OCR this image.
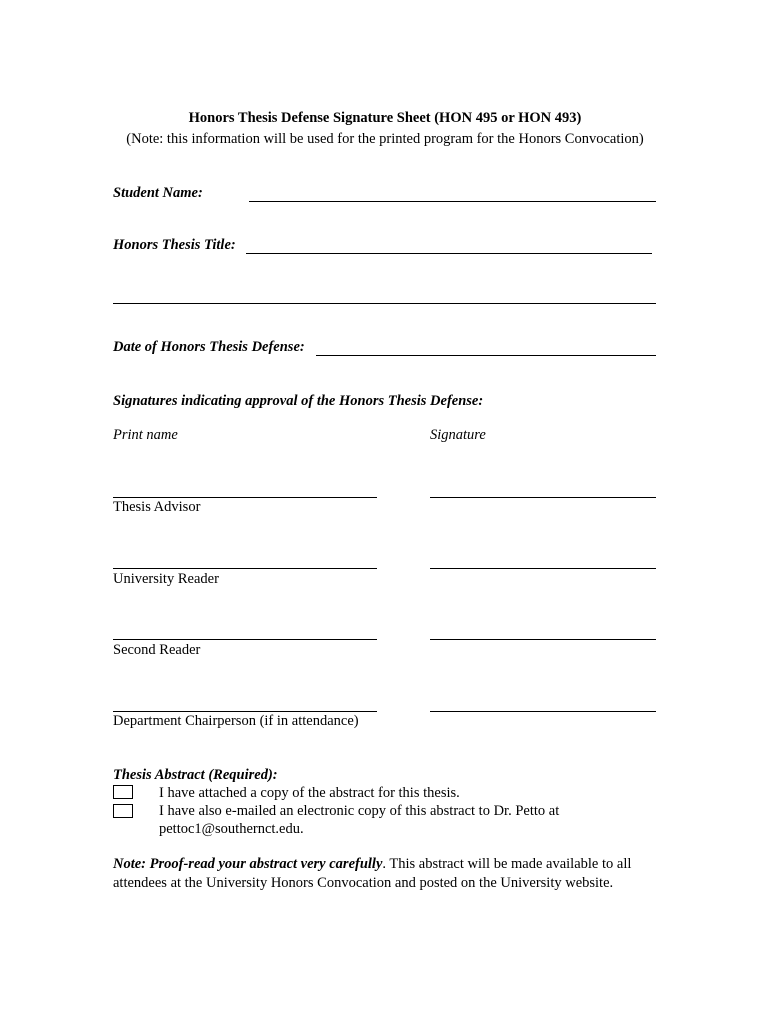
Honors Thesis Defense Signature Sheet (HON 495 or HON 493)
(Note: this information will be used for the printed program for the Honors Convocation)
Student Name:
Honors Thesis Title:
Date of Honors Thesis Defense:
Signatures indicating approval of the Honors Thesis Defense:
Print name	Signature
Thesis Advisor
University Reader
Second Reader
Department Chairperson (if in attendance)
Thesis Abstract (Required):
I have attached a copy of the abstract for this thesis.
I have also e-mailed an electronic copy of this abstract to Dr. Petto at
pettoc1@southernct.edu.
Note: Proof-read your abstract very carefully. This abstract will be made available to all
attendees at the University Honors Convocation and posted on the University website.
